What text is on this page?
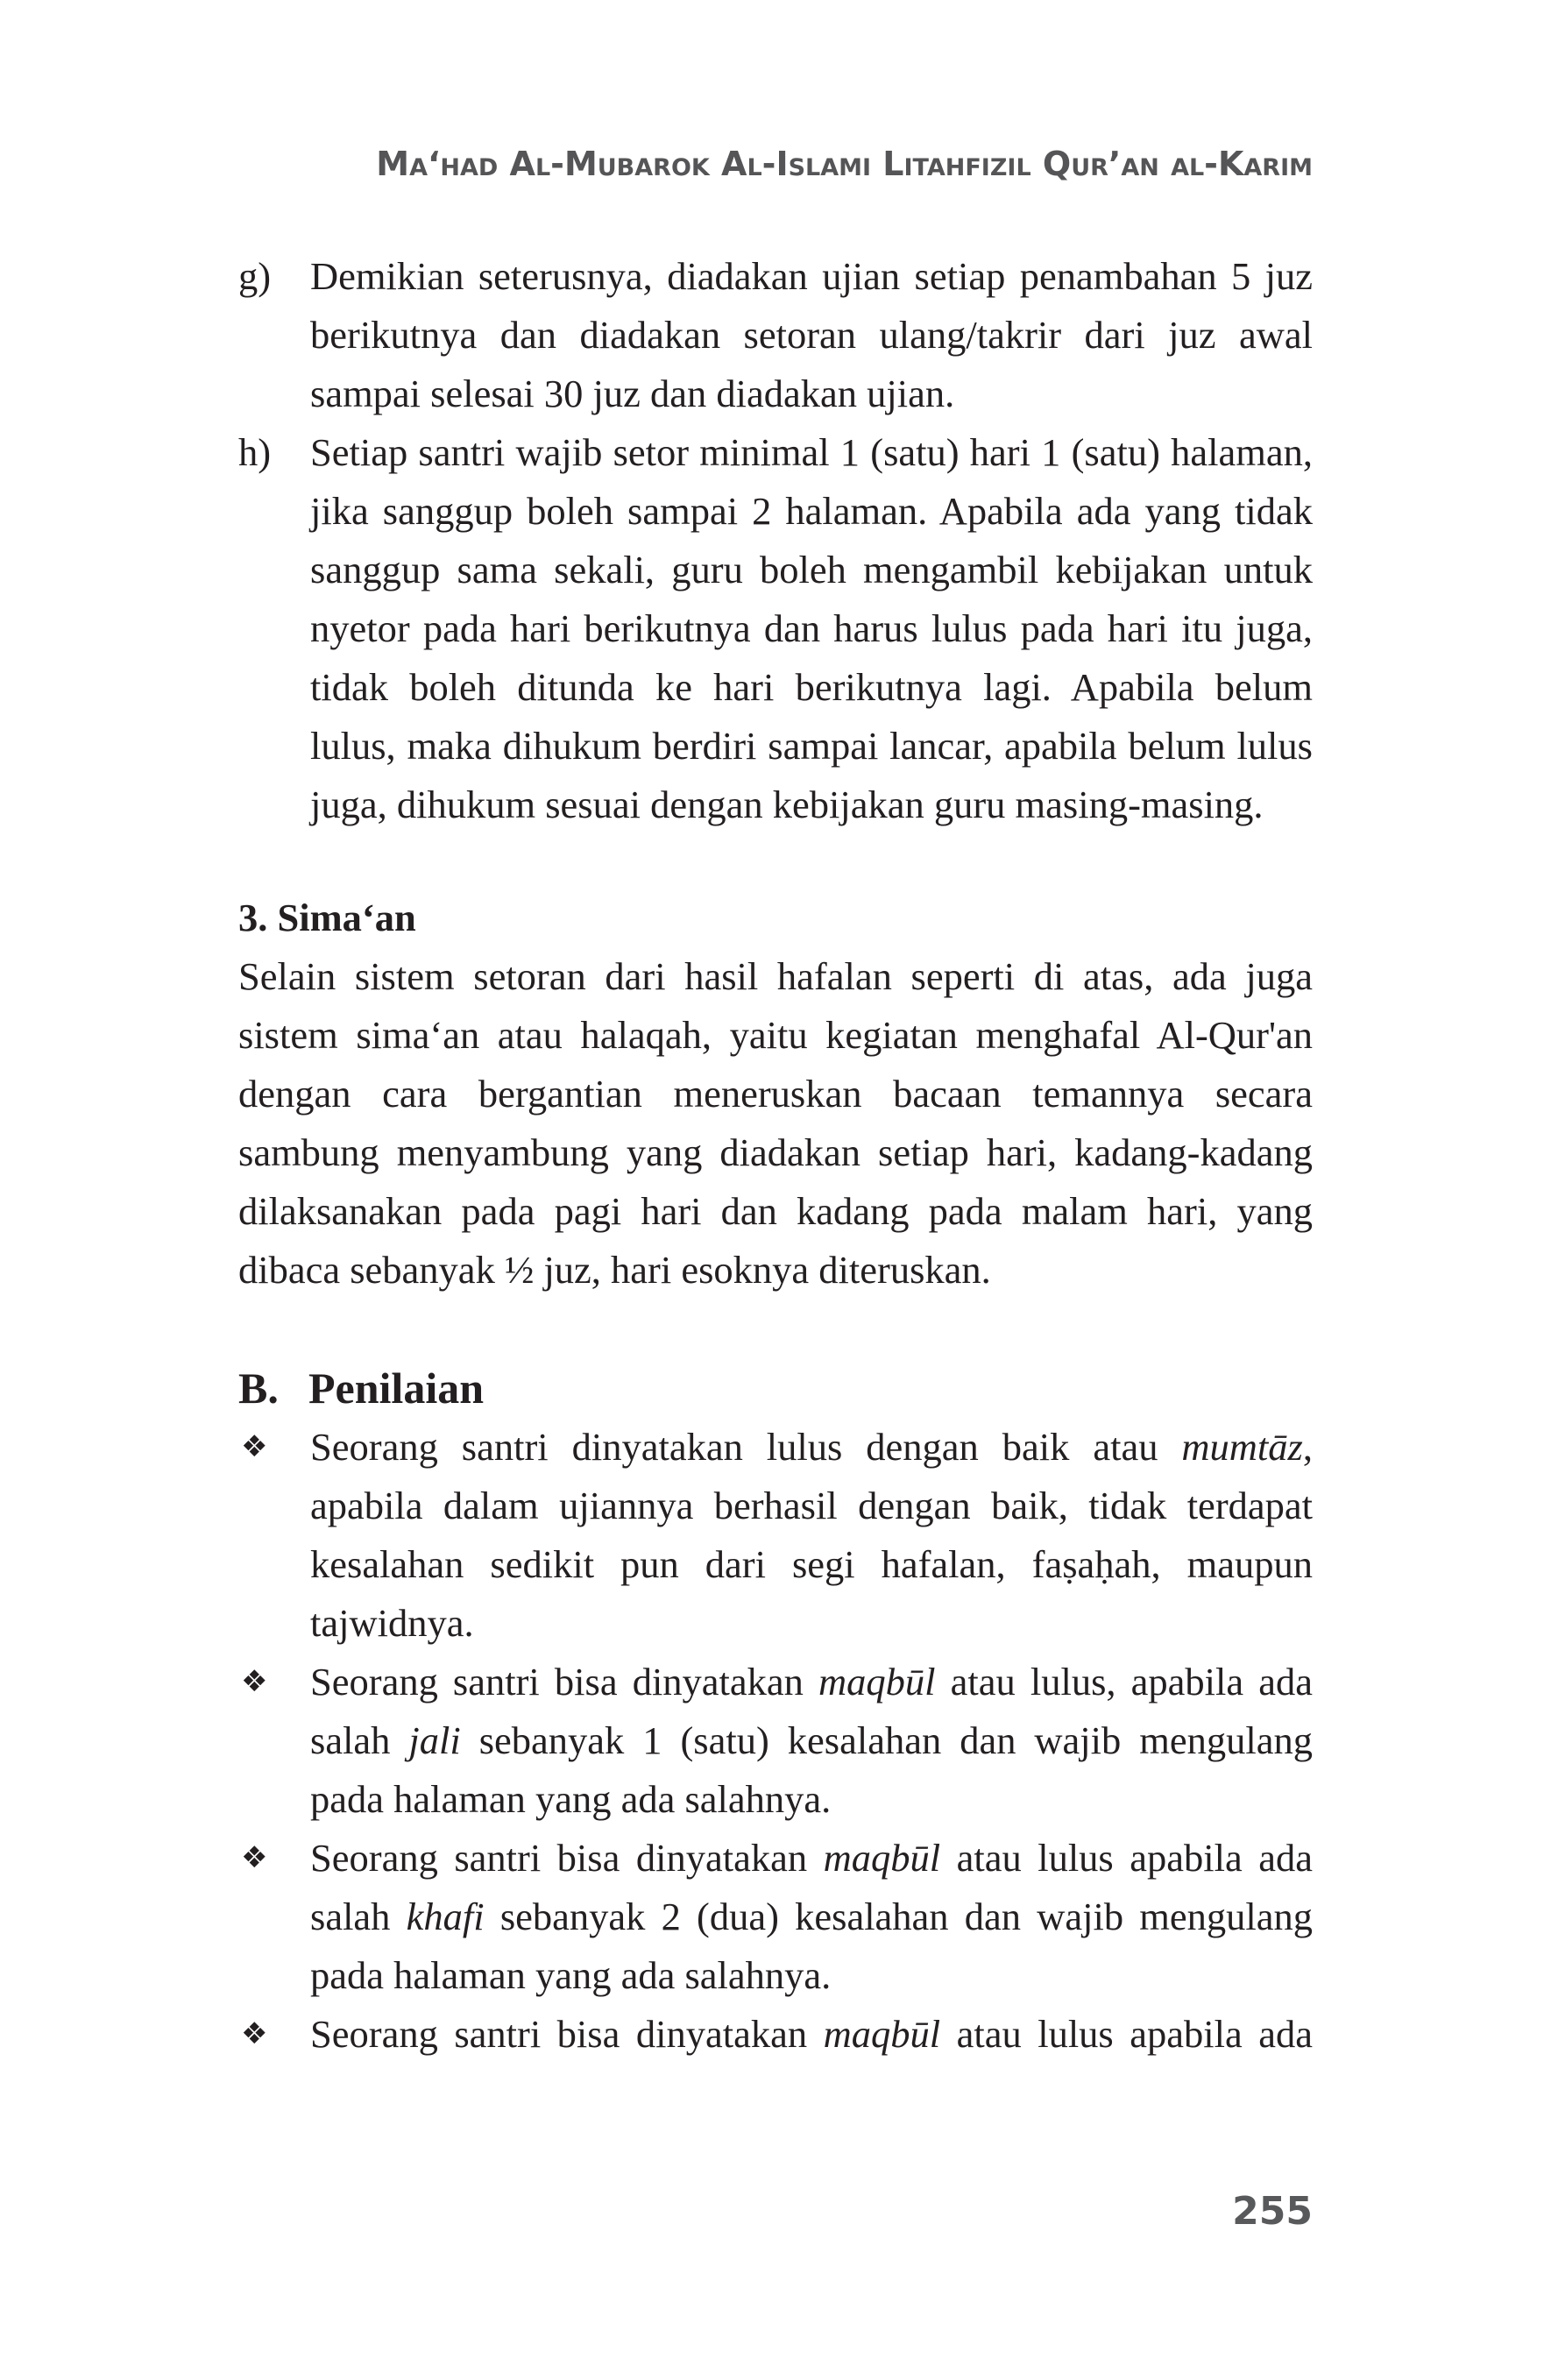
Ma‘had Al-Mubarok Al-Islami Litahfizil Qur’an al-Karim
g) Demikian seterusnya, diadakan ujian setiap penambahan 5 juz berikutnya dan diadakan setoran ulang/takrir dari juz awal sampai selesai 30 juz dan diadakan ujian.
h) Setiap santri wajib setor minimal 1 (satu) hari 1 (satu) halaman, jika sanggup boleh sampai 2 halaman. Apabila ada yang tidak sanggup sama sekali, guru boleh mengambil kebijakan untuk nyetor pada hari berikutnya dan harus lulus pada hari itu juga, tidak boleh ditunda ke hari berikutnya lagi. Apabila belum lulus, maka dihukum berdiri sampai lancar, apabila belum lulus juga, dihukum sesuai dengan kebijakan guru masing-masing.
3. Sima‘an
Selain sistem setoran dari hasil hafalan seperti di atas, ada juga sistem sima‘an atau halaqah, yaitu kegiatan menghafal Al-Qur'an dengan cara bergantian meneruskan bacaan temannya secara sambung menyambung yang diadakan setiap hari, kadang-kadang dilaksanakan pada pagi hari dan kadang pada malam hari, yang dibaca sebanyak ½ juz, hari esoknya diteruskan.
B. Penilaian
❖ Seorang santri dinyatakan lulus dengan baik atau mumtāz, apabila dalam ujiannya berhasil dengan baik, tidak terdapat kesalahan sedikit pun dari segi hafalan, faṣaḥah, maupun tajwidnya.
❖ Seorang santri bisa dinyatakan maqbūl atau lulus, apabila ada salah jali sebanyak 1 (satu) kesalahan dan wajib mengulang pada halaman yang ada salahnya.
❖ Seorang santri bisa dinyatakan maqbūl atau lulus apabila ada salah khafi sebanyak 2 (dua) kesalahan dan wajib mengulang pada halaman yang ada salahnya.
❖ Seorang santri bisa dinyatakan maqbūl atau lulus apabila ada
255
